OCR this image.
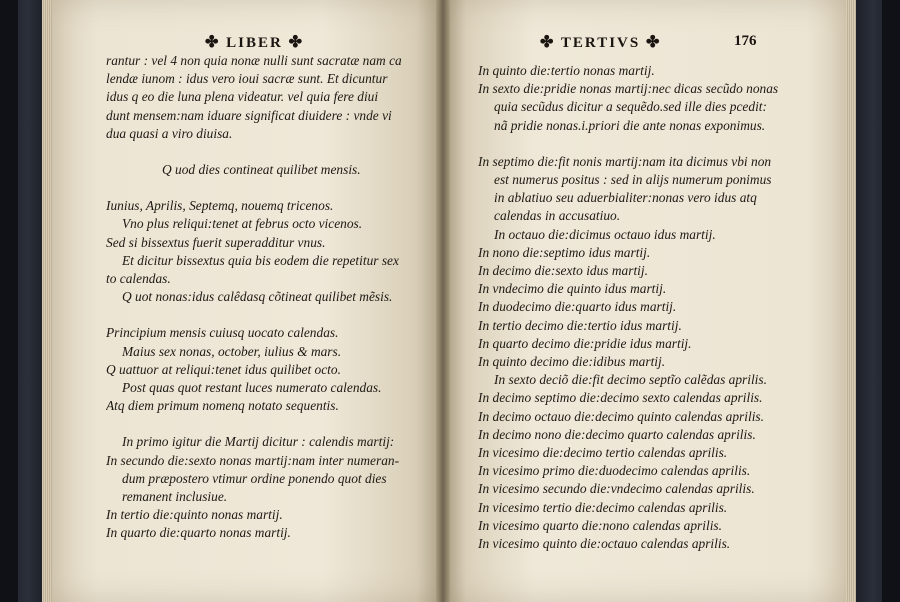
✤ LIBER ✤	✤ TERTIVS ✤	176
rantur : vel 4 non quia nonæ nulli sunt sacratæ nam ca
lendæ iunom : idus vero ioui sacræ sunt. Et dicuntur
idus q eo die luna plena videatur. vel quia fere diui
dunt mensem:nam iduare significat diuidere : vnde vi
dua quasi a viro diuisa.
Q uod dies contineat quilibet mensis.
Iunius, Aprilis, Septemq, nouemq tricenos.
Vno plus reliqui:tenet at februs octo vicenos.
Sed si bissextus fuerit superadditur vnus.
Et dicitur bissextus quia bis eodem die repetitur sex
to calendas.
Q uot nonas:idus calêdasq cõtineat quilibet mẽsis.
Principium mensis cuiusq uocato calendas.
Maius sex nonas, october, iulius & mars.
Q uattuor at reliqui:tenet idus quilibet octo.
Post quas quot restant luces numerato calendas.
Atq diem primum nomenq notato sequentis.
In primo igitur die Martij dicitur : calendis martij:
In secundo die:sexto nonas martij:nam inter numeran-
dum præpostero vtimur ordine ponendo quot dies
remanent inclusiue.
In tertio die:quinto nonas martij.
In quarto die:quarto nonas martij.
In quinto die:tertio nonas martij.
In sexto die:pridie nonas martij:nec dicas secũdo nonas
quia secũdus dicitur a sequẽdo.sed ille dies pcedit:
nã pridie nonas.i.priori die ante nonas exponimus.
In septimo die:fit nonis martij:nam ita dicimus vbi non
est numerus positus : sed in alijs numerum ponimus
in ablatiuo seu aduerbialiter:nonas vero idus atq
calendas in accusatiuo.
In octauo die:dicimus octauo idus martij.
In nono die:septimo idus martij.
In decimo die:sexto idus martij.
In vndecimo die quinto idus martij.
In duodecimo die:quarto idus martij.
In tertio decimo die:tertio idus martij.
In quarto decimo die:pridie idus martij.
In quinto decimo die:idibus martij.
In sexto deciõ die:fit decimo septĩo calẽdas aprilis.
In decimo septimo die:decimo sexto calendas aprilis.
In decimo octauo die:decimo quinto calendas aprilis.
In decimo nono die:decimo quarto calendas aprilis.
In vicesimo die:decimo tertio calendas aprilis.
In vicesimo primo die:duodecimo calendas aprilis.
In vicesimo secundo die:vndecimo calendas aprilis.
In vicesimo tertio die:decimo calendas aprilis.
In vicesimo quarto die:nono calendas aprilis.
In vicesimo quinto die:octauo calendas aprilis.
